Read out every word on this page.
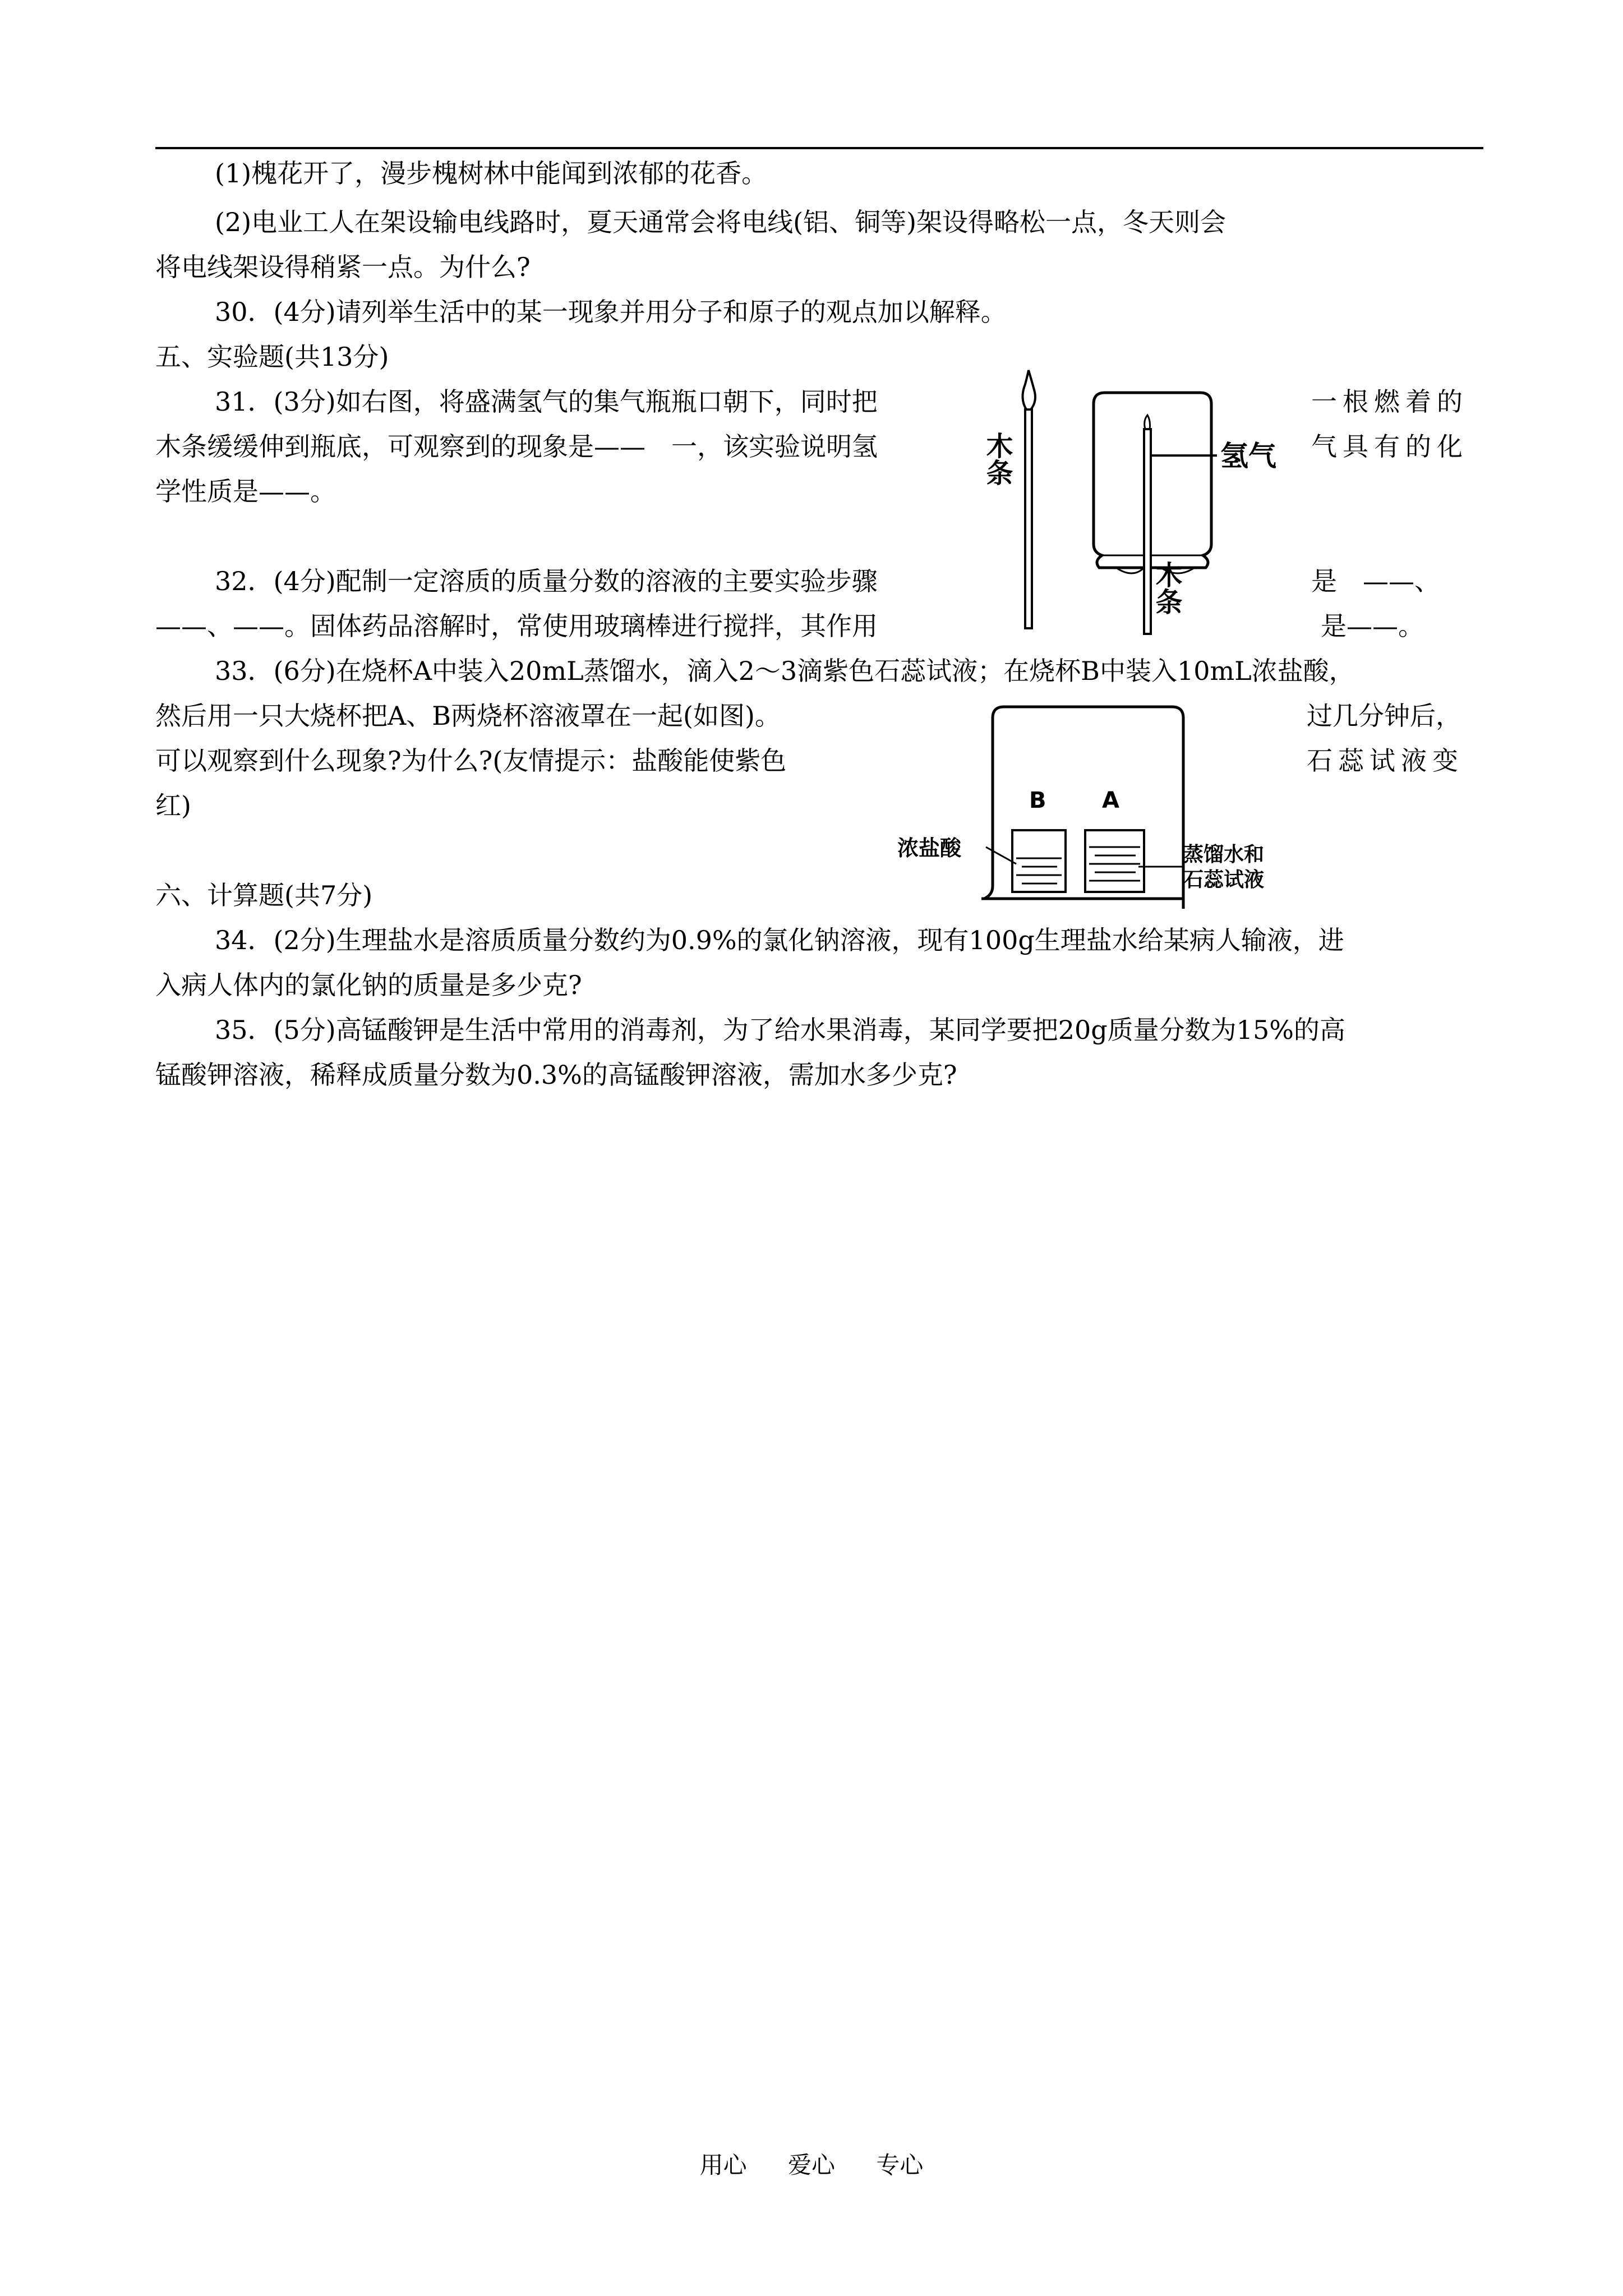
(1)槐花开了，漫步槐树林中能闻到浓郁的花香。
(2)电业工人在架设输电线路时，夏天通常会将电线(铝、铜等)架设得略松一点，冬天则会
将电线架设得稍紧一点。为什么?
30．(4分)请列举生活中的某一现象并用分子和原子的观点加以解释。
五、实验题(共13分)
31．(3分)如右图，将盛满氢气的集气瓶瓶口朝下，同时把	一根燃着的
木条缓缓伸到瓶底，可观察到的现象是——　一，该实验说明氢	气具有的化
学性质是——。
32．(4分)配制一定溶质的质量分数的溶液的主要实验步骤	是　——、
——、——。固体药品溶解时，常使用玻璃棒进行搅拌，其作用	是——。
33．(6分)在烧杯A中装入20mL蒸馏水，滴入2～3滴紫色石蕊试液；在烧杯B中装入10mL浓盐酸，
然后用一只大烧杯把A、B两烧杯溶液罩在一起(如图)。	过几分钟后，
可以观察到什么现象?为什么?(友情提示：盐酸能使紫色	石蕊试液变
红)
六、计算题(共7分)
34．(2分)生理盐水是溶质质量分数约为0.9%的氯化钠溶液，现有100g生理盐水给某病人输液，进
入病人体内的氯化钠的质量是多少克?
35．(5分)高锰酸钾是生活中常用的消毒剂，为了给水果消毒，某同学要把20g质量分数为15%的高
锰酸钾溶液，稀释成质量分数为0.3%的高锰酸钾溶液，需加水多少克?
木条	氢气
木条
B A
浓盐酸	蒸馏水和
石蕊试液
用心 爱心 专心
